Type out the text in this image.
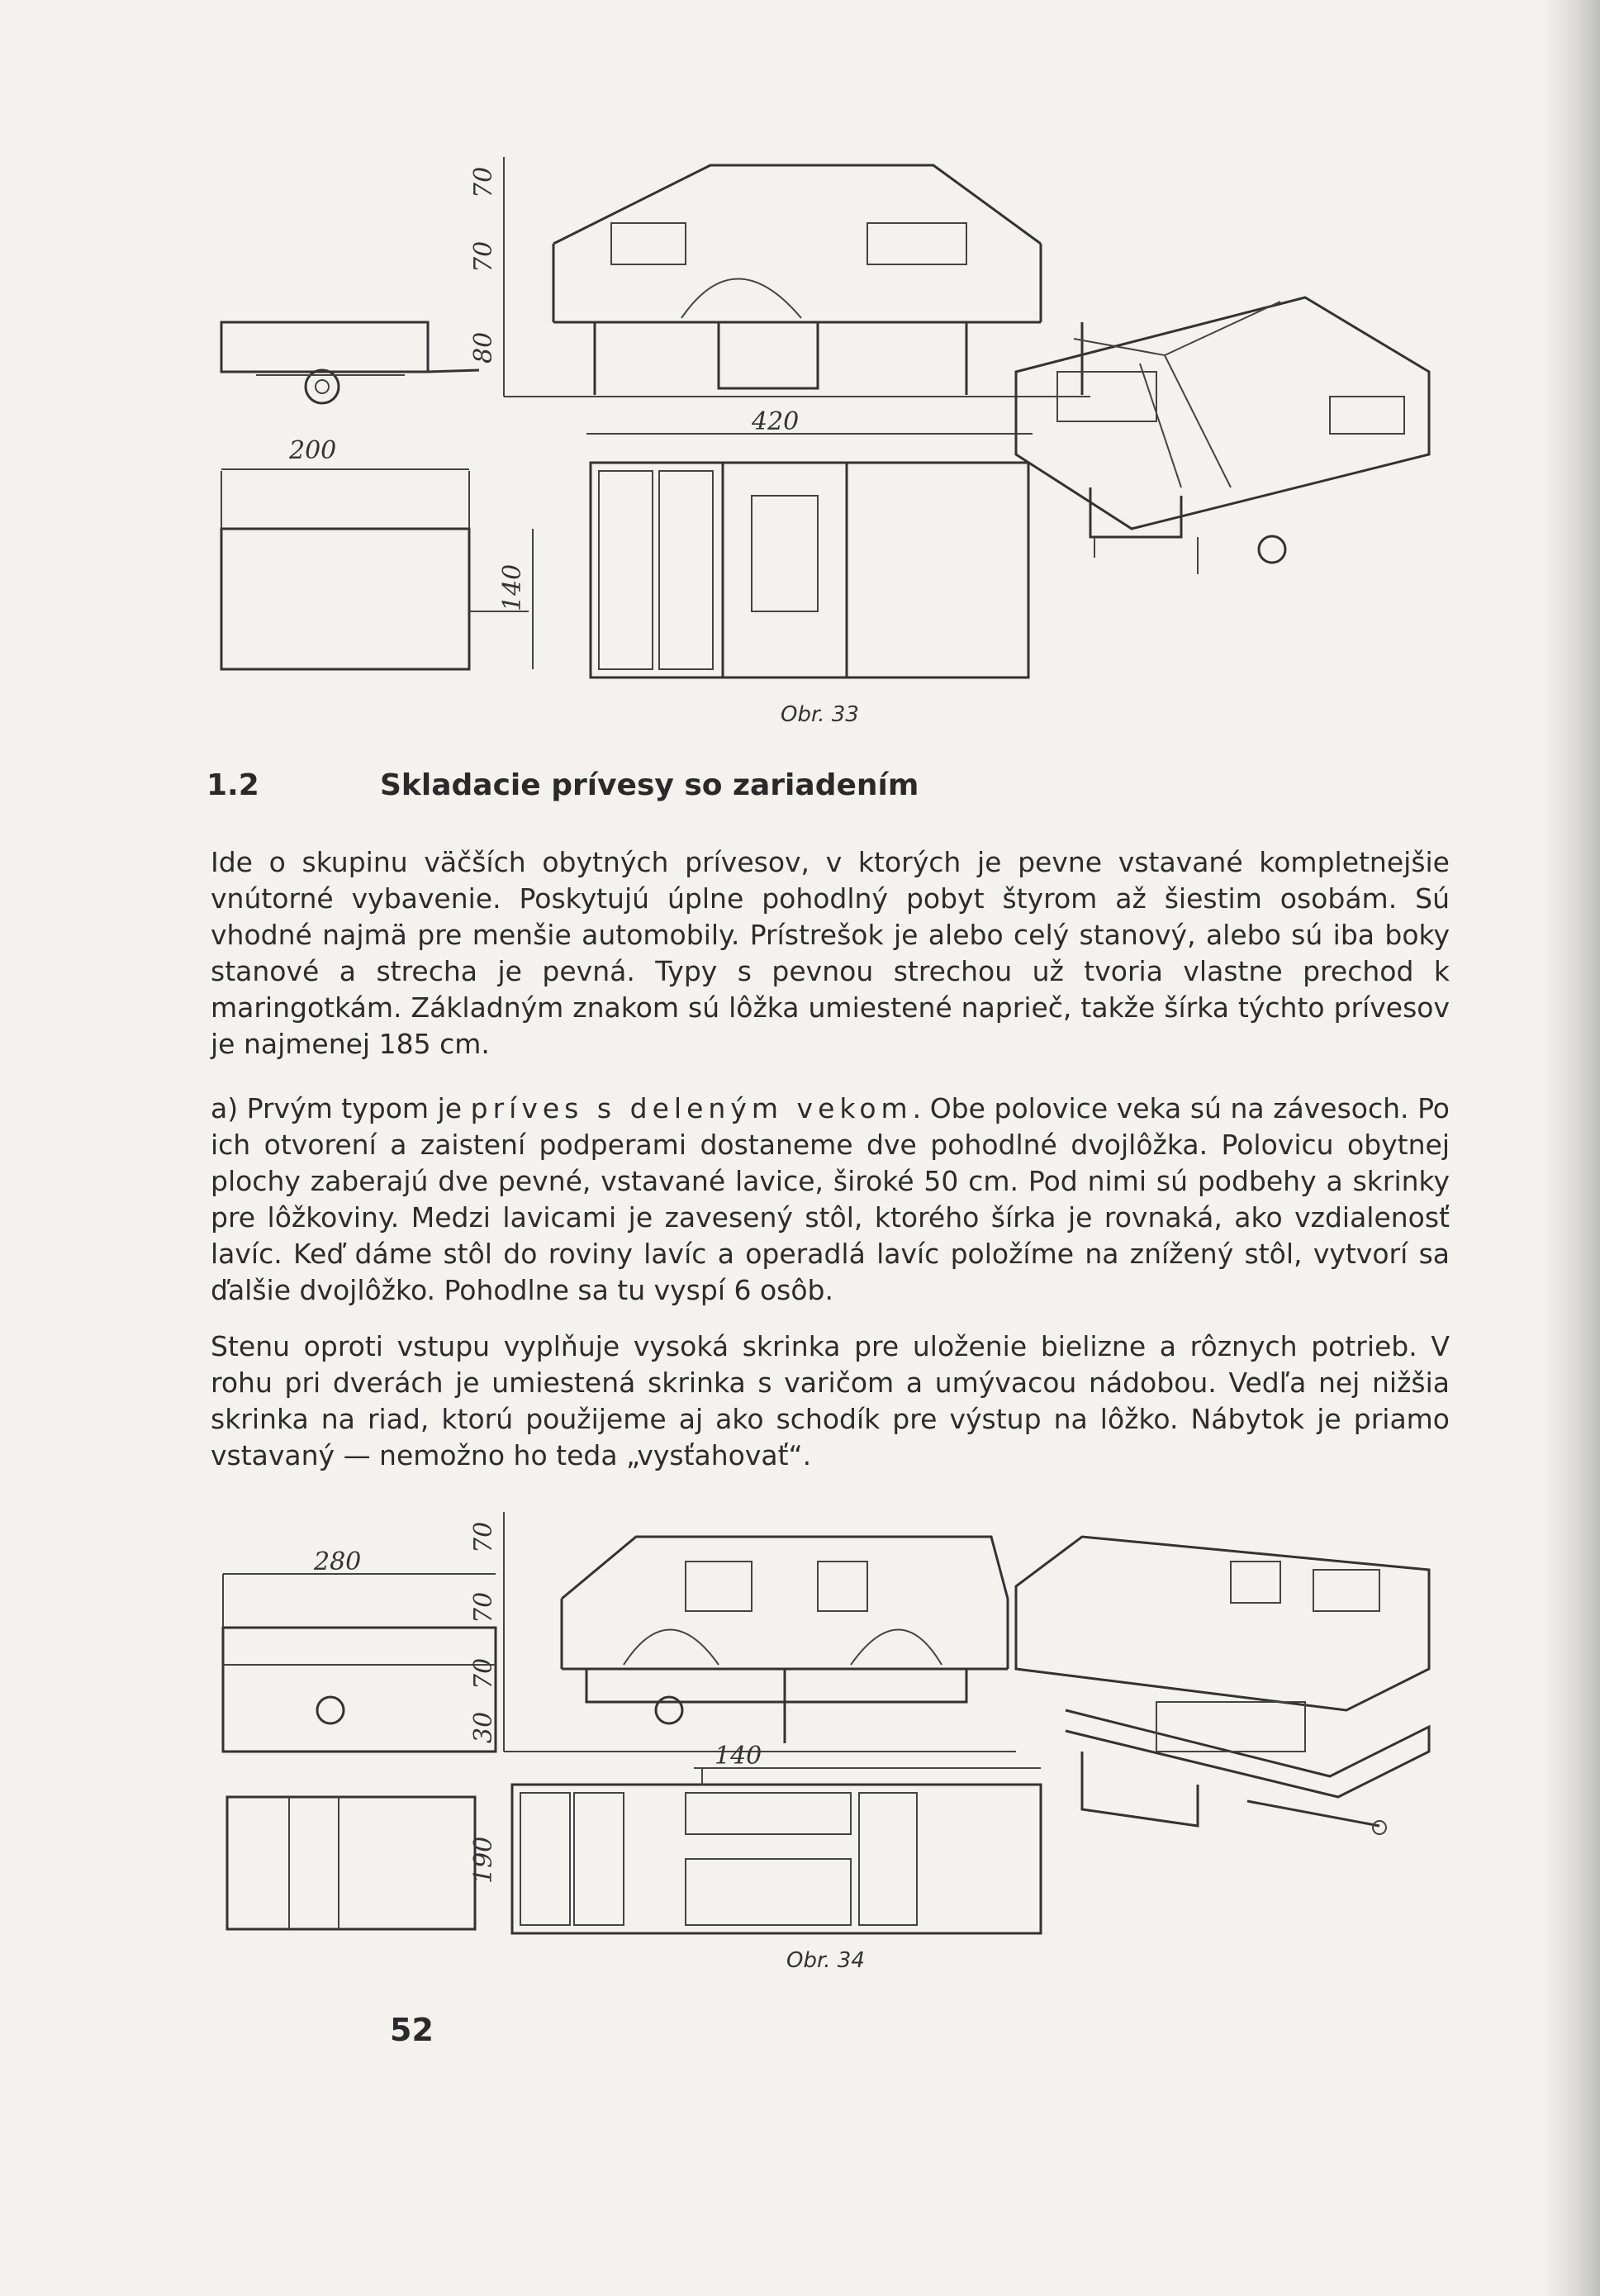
200
140
70
70
80
420
Obr. 33
1.2	Skladacie prívesy so zariadením

Ide o skupinu väčších obytných prívesov, v ktorých je pevne vstavané kompletnejšie vnútorné vybavenie. Poskytujú úplne pohodlný pobyt štyrom až šiestim osobám. Sú vhodné najmä pre menšie automobily. Prístrešok je alebo celý stanový, alebo sú iba boky stanové a strecha je pevná. Typy s pevnou strechou už tvoria vlastne prechod k maringotkám. Základným znakom sú lôžka umiestené naprieč, takže šírka týchto prívesov je najmenej 185 cm.

a) Prvým typom je príves s deleným vekom. Obe polovice veka sú na závesoch. Po ich otvorení a zaistení podperami dostaneme dve pohodlné dvojlôžka. Polovicu obytnej plochy zaberajú dve pevné, vstavané lavice, široké 50 cm. Pod nimi sú podbehy a skrinky pre lôžkoviny. Medzi lavicami je zavesený stôl, ktorého šírka je rovnaká, ako vzdialenosť lavíc. Keď dáme stôl do roviny lavíc a operadlá lavíc položíme na znížený stôl, vytvorí sa ďalšie dvojlôžko. Pohodlne sa tu vyspí 6 osôb.

Stenu oproti vstupu vyplňuje vysoká skrinka pre uloženie bielizne a rôznych potrieb. V rohu pri dverách je umiestená skrinka s varičom a umývacou nádobou. Vedľa nej nižšia skrinka na riad, ktorú použijeme aj ako schodík pre výstup na lôžko. Nábytok je priamo vstavaný — nemožno ho teda „vysťahovať“.

280
70
70
70
30
140
190
Obr. 34
52
